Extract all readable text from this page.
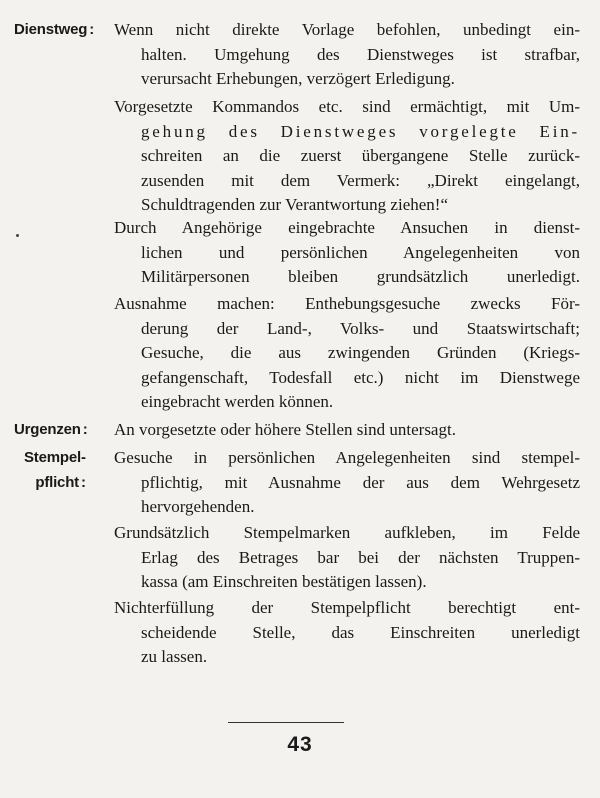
Dienstweg : Wenn nicht direkte Vorlage befohlen, unbedingt ein-
halten. Umgehung des Dienstweges ist strafbar,
verursacht Erhebungen, verzögert Erledigung.
Vorgesetzte Kommandos etc. sind ermächtigt, mit Um-
gehung des Dienstweges vorgelegte Ein-
schreiten an die zuerst übergangene Stelle zurück-
zusenden mit dem Vermerk: „Direkt eingelangt,
Schuldtragenden zur Verantwortung ziehen!“
Durch Angehörige eingebrachte Ansuchen in dienst-
lichen und persönlichen Angelegenheiten von
Militärpersonen bleiben grundsätzlich unerledigt.
Ausnahme machen: Enthebungsgesuche zwecks För-
derung der Land-, Volks- und Staatswirtschaft;
Gesuche, die aus zwingenden Gründen (Kriegs-
gefangenschaft, Todesfall etc.) nicht im Dienstwege
eingebracht werden können.
Urgenzen : An vorgesetzte oder höhere Stellen sind untersagt.
Stempel-
pflicht :
Gesuche in persönlichen Angelegenheiten sind stempel-
pflichtig, mit Ausnahme der aus dem Wehrgesetz
hervorgehenden.
Grundsätzlich Stempelmarken aufkleben, im Felde
Erlag des Betrages bar bei der nächsten Truppen-
kassa (am Einschreiten bestätigen lassen).
Nichterfüllung der Stempelpflicht berechtigt ent-
scheidende Stelle, das Einschreiten unerledigt
zu lassen.
43
